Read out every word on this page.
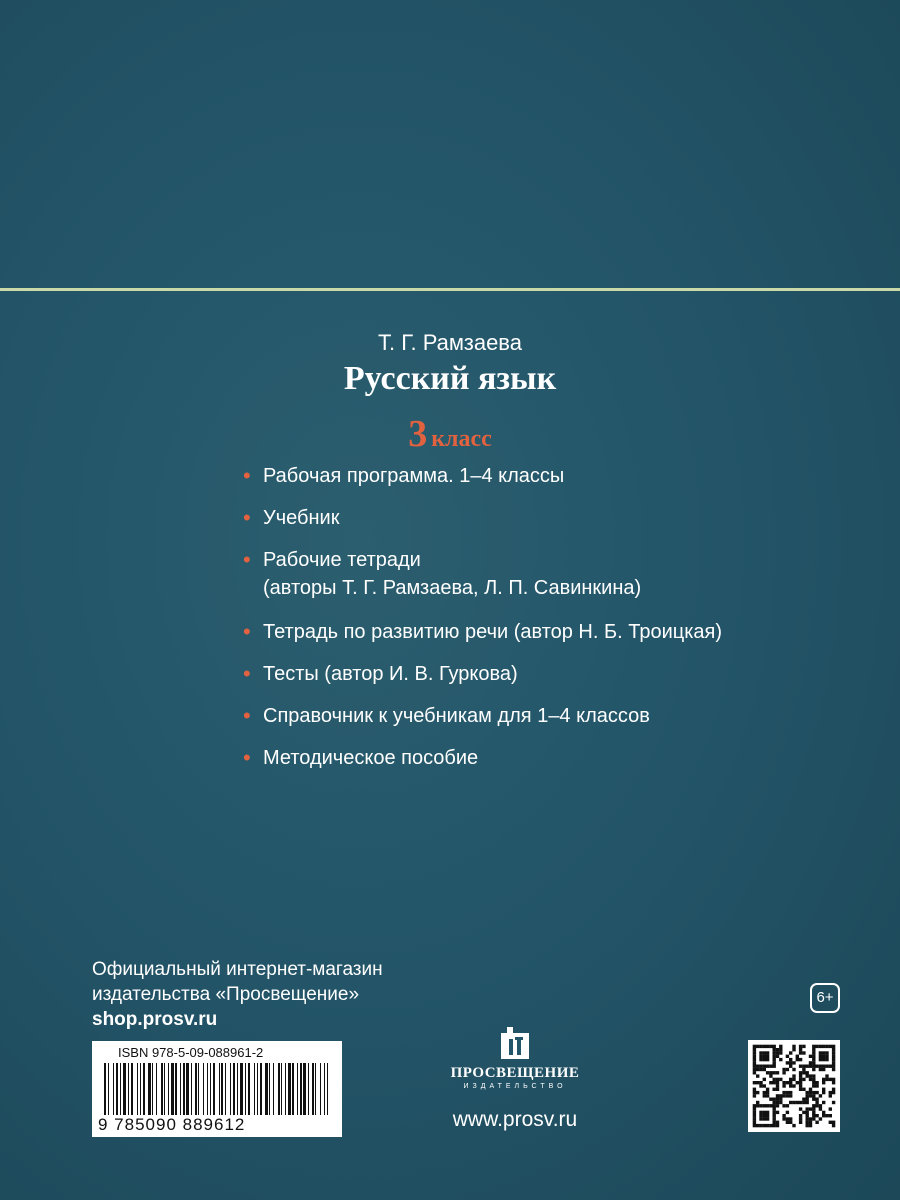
Т. Г. Рамзаева
Русский язык
3 класс
• Рабочая программа. 1–4 классы
• Учебник
• Рабочие тетради
(авторы Т. Г. Рамзаева, Л. П. Савинкина)
• Тетрадь по развитию речи (автор Н. Б. Троицкая)
• Тесты (автор И. В. Гуркова)
• Справочник к учебникам для 1–4 классов
• Методическое пособие
Официальный интернет-магазин
издательства «Просвещение»
shop.prosv.ru
6+
ISBN 978-5-09-088961-2
9 785090 889612
ПРОСВЕЩЕНИЕ
ИЗДАТЕЛЬСТВО
www.prosv.ru
